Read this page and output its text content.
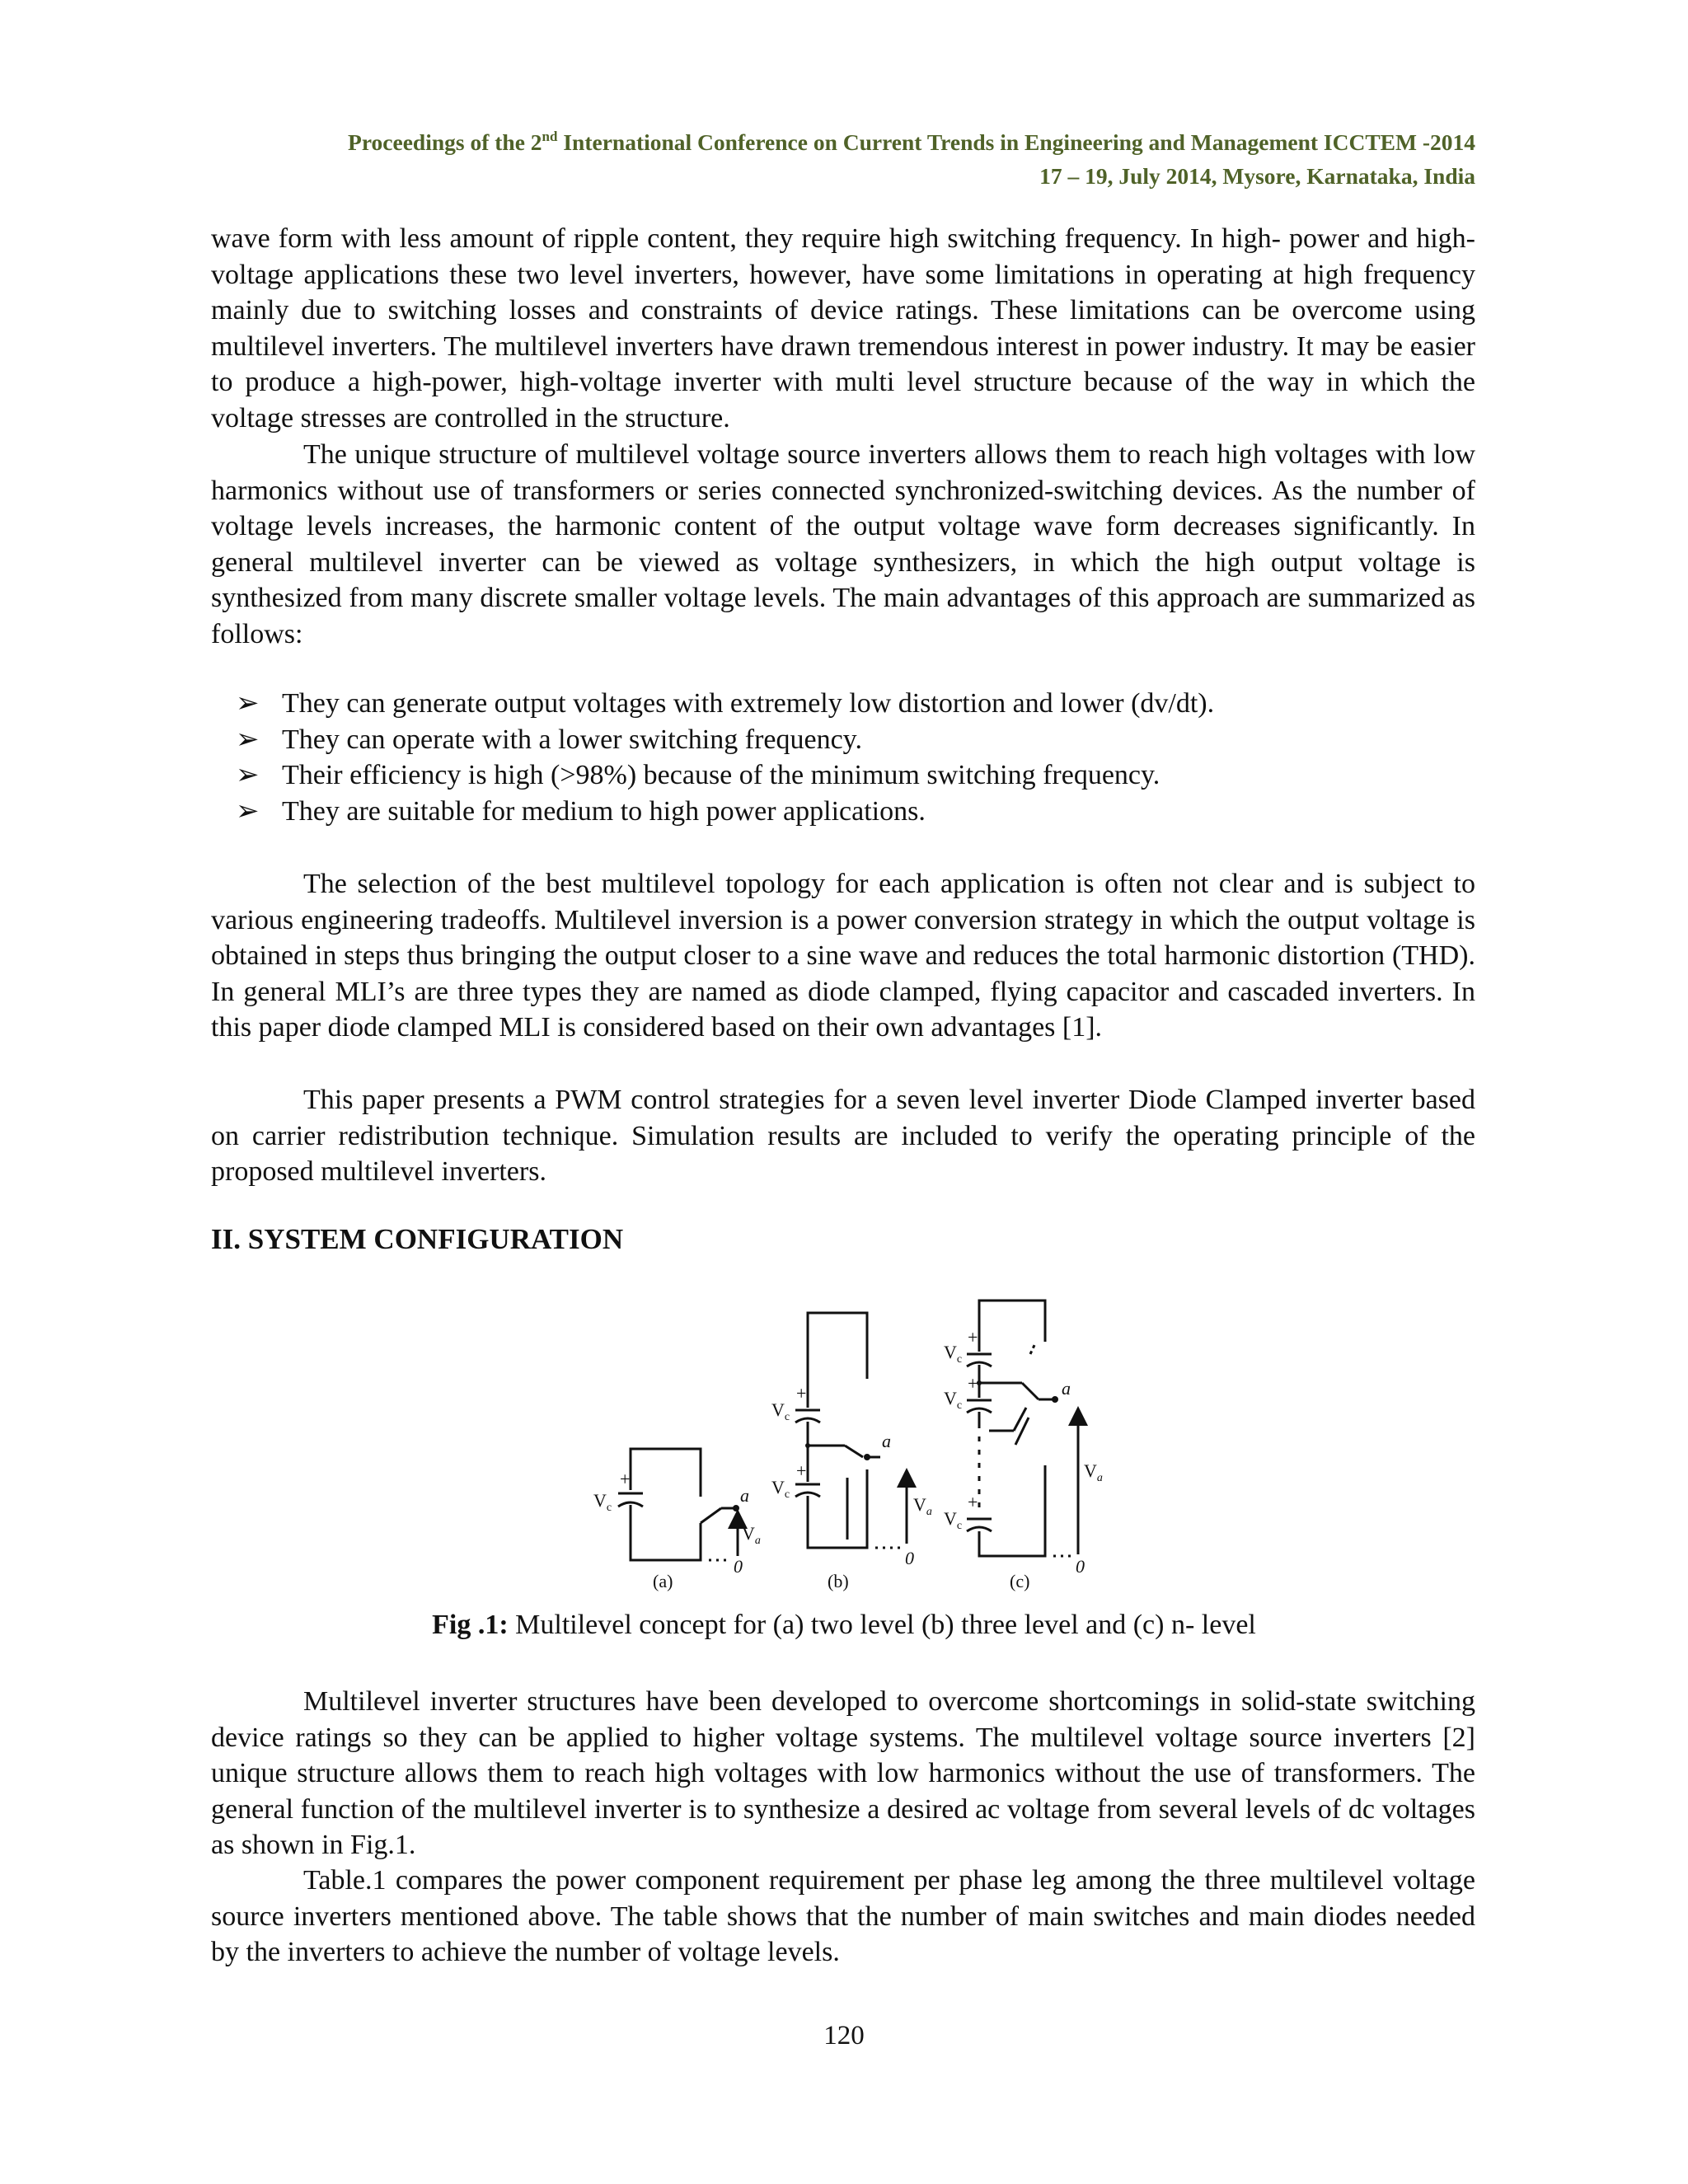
Proceedings of the 2nd International Conference on Current Trends in Engineering and Management ICCTEM -2014
17 – 19, July 2014, Mysore, Karnataka, India

wave form with less amount of ripple content, they require high switching frequency. In high- power and high-voltage applications these two level inverters, however, have some limitations in operating at high frequency mainly due to switching losses and constraints of device ratings. These limitations can be overcome using multilevel inverters. The multilevel inverters have drawn tremendous interest in power industry. It may be easier to produce a high-power, high-voltage inverter with multi level structure because of the way in which the voltage stresses are controlled in the structure.

The unique structure of multilevel voltage source inverters allows them to reach high voltages with low harmonics without use of transformers or series connected synchronized-switching devices. As the number of voltage levels increases, the harmonic content of the output voltage wave form decreases significantly. In general multilevel inverter can be viewed as voltage synthesizers, in which the high output voltage is synthesized from many discrete smaller voltage levels. The main advantages of this approach are summarized as follows:

➢ They can generate output voltages with extremely low distortion and lower (dv/dt).
➢ They can operate with a lower switching frequency.
➢ Their efficiency is high (>98%) because of the minimum switching frequency.
➢ They are suitable for medium to high power applications.

The selection of the best multilevel topology for each application is often not clear and is subject to various engineering tradeoffs. Multilevel inversion is a power conversion strategy in which the output voltage is obtained in steps thus bringing the output closer to a sine wave and reduces the total harmonic distortion (THD). In general MLI’s are three types they are named as diode clamped, flying capacitor and cascaded inverters. In this paper diode clamped MLI is considered based on their own advantages [1].

This paper presents a PWM control strategies for a seven level inverter Diode Clamped inverter based on carrier redistribution technique. Simulation results are included to verify the operating principle of the proposed multilevel inverters.

II. SYSTEM CONFIGURATION
$V_c$
+
a
$V_a$
0
(a)
$V_c$
+
$V_c$
+
a
$V_a$
0
(b)
$V_c$
+
$V_c$
+
$V_c$
+
a
$V_a$
0
(c)
Fig .1: Multilevel concept for (a) two level (b) three level and (c) n- level

Multilevel inverter structures have been developed to overcome shortcomings in solid-state switching device ratings so they can be applied to higher voltage systems. The multilevel voltage source inverters [2] unique structure allows them to reach high voltages with low harmonics without the use of transformers. The general function of the multilevel inverter is to synthesize a desired ac voltage from several levels of dc voltages as shown in Fig.1.

Table.1 compares the power component requirement per phase leg among the three multilevel voltage source inverters mentioned above. The table shows that the number of main switches and main diodes needed by the inverters to achieve the number of voltage levels.

120
